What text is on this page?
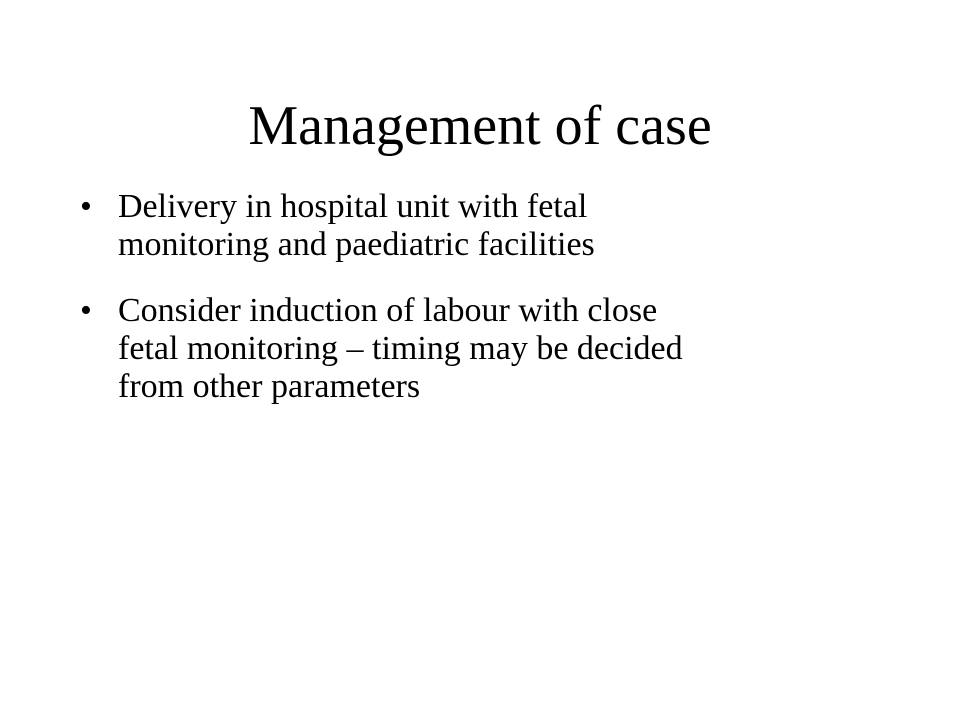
Management of case
• Delivery in hospital unit with fetal
monitoring and paediatric facilities
• Consider induction of labour with close
fetal monitoring – timing may be decided
from other parameters
